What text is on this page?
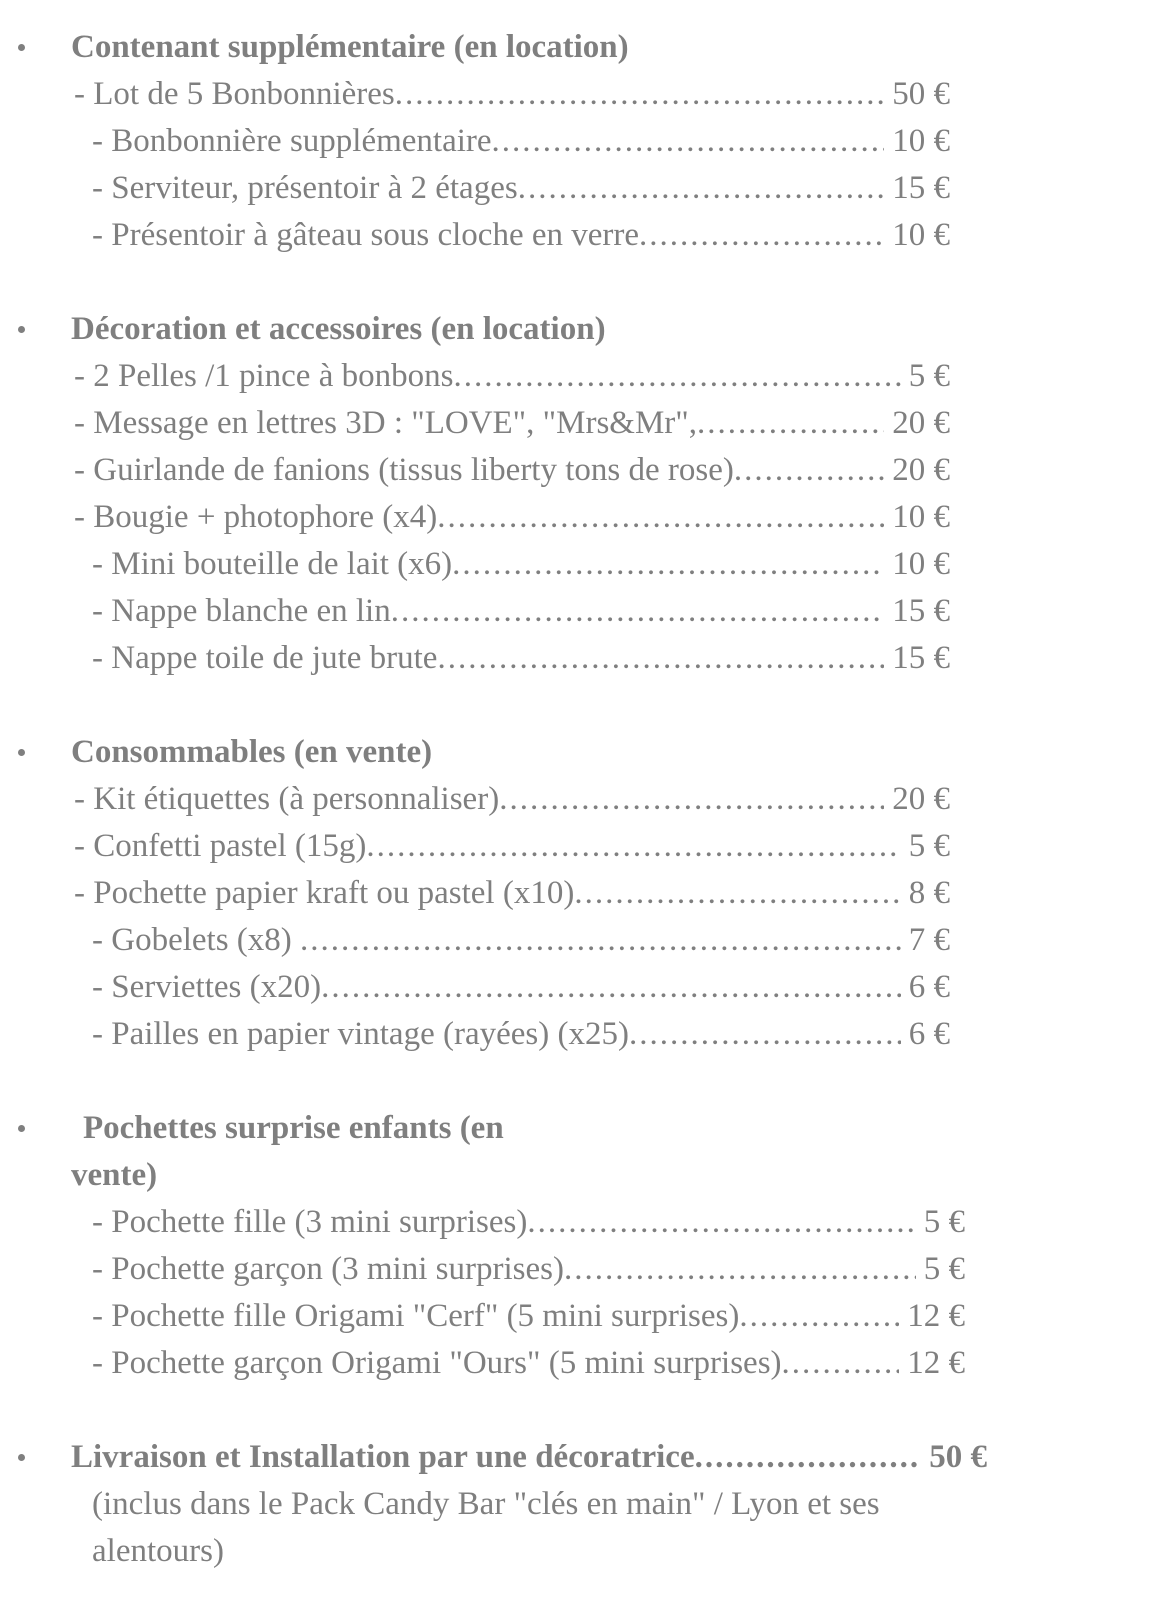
Contenant supplémentaire (en location)
- Lot de 5 Bonbonnières .....	50 €
- Bonbonnière supplémentaire .....	10 €
- Serviteur, présentoir à 2 étages .....	15 €
- Présentoir à gâteau sous cloche en verre .....	10 €
Décoration et accessoires (en location)
- 2 Pelles /1 pince à bonbons .....	5 €
- Message en lettres 3D : "LOVE", "Mrs&Mr", .....	20 €
- Guirlande de fanions (tissus liberty tons de rose) .....	20 €
- Bougie + photophore (x4) .....	10 €
- Mini bouteille de lait (x6) .....	10 €
- Nappe blanche en lin .....	15 €
- Nappe toile de jute brute .....	15 €
Consommables (en vente)
- Kit étiquettes (à personnaliser) .....	20 €
- Confetti pastel (15g) .....	5 €
- Pochette papier kraft ou pastel (x10) .....	8 €
- Gobelets (x8) .....	7 €
- Serviettes (x20) .....	6 €
- Pailles en papier vintage (rayées) (x25) .....	6 €
Pochettes surprise enfants (en
vente)
- Pochette fille (3 mini surprises) .....	5 €
- Pochette garçon (3 mini surprises) .....	5 €
- Pochette fille Origami "Cerf" (5 mini surprises) .....	12 €
- Pochette garçon Origami "Ours" (5 mini surprises) .....	12 €
Livraison et Installation par une décoratrice .....	50 €
(inclus dans le Pack Candy Bar "clés en main" / Lyon et ses
alentours)
